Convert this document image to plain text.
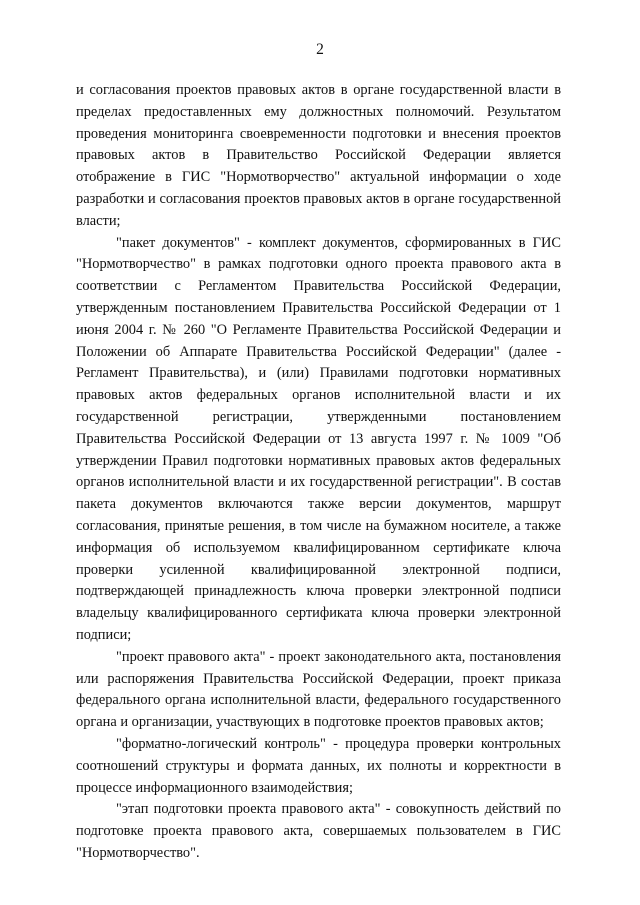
2

и согласования проектов правовых актов в органе государственной власти в пределах предоставленных ему должностных полномочий. Результатом проведения мониторинга своевременности подготовки и внесения проектов правовых актов в Правительство Российской Федерации является отображение в ГИС "Нормотворчество" актуальной информации о ходе разработки и согласования проектов правовых актов в органе государственной власти;

"пакет документов" - комплект документов, сформированных в ГИС "Нормотворчество" в рамках подготовки одного проекта правового акта в соответствии с Регламентом Правительства Российской Федерации, утвержденным постановлением Правительства Российской Федерации от 1 июня 2004 г. № 260 "О Регламенте Правительства Российской Федерации и Положении об Аппарате Правительства Российской Федерации" (далее - Регламент Правительства), и (или) Правилами подготовки нормативных правовых актов федеральных органов исполнительной власти и их государственной регистрации, утвержденными постановлением Правительства Российской Федерации от 13 августа 1997 г. № 1009 "Об утверждении Правил подготовки нормативных правовых актов федеральных органов исполнительной власти и их государственной регистрации". В состав пакета документов включаются также версии документов, маршрут согласования, принятые решения, в том числе на бумажном носителе, а также информация об используемом квалифицированном сертификате ключа проверки усиленной квалифицированной электронной подписи, подтверждающей принадлежность ключа проверки электронной подписи владельцу квалифицированного сертификата ключа проверки электронной подписи;

"проект правового акта" - проект законодательного акта, постановления или распоряжения Правительства Российской Федерации, проект приказа федерального органа исполнительной власти, федерального государственного органа и организации, участвующих в подготовке проектов правовых актов;

"форматно-логический контроль" - процедура проверки контрольных соотношений структуры и формата данных, их полноты и корректности в процессе информационного взаимодействия;

"этап подготовки проекта правового акта" - совокупность действий по подготовке проекта правового акта, совершаемых пользователем в ГИС "Нормотворчество".
